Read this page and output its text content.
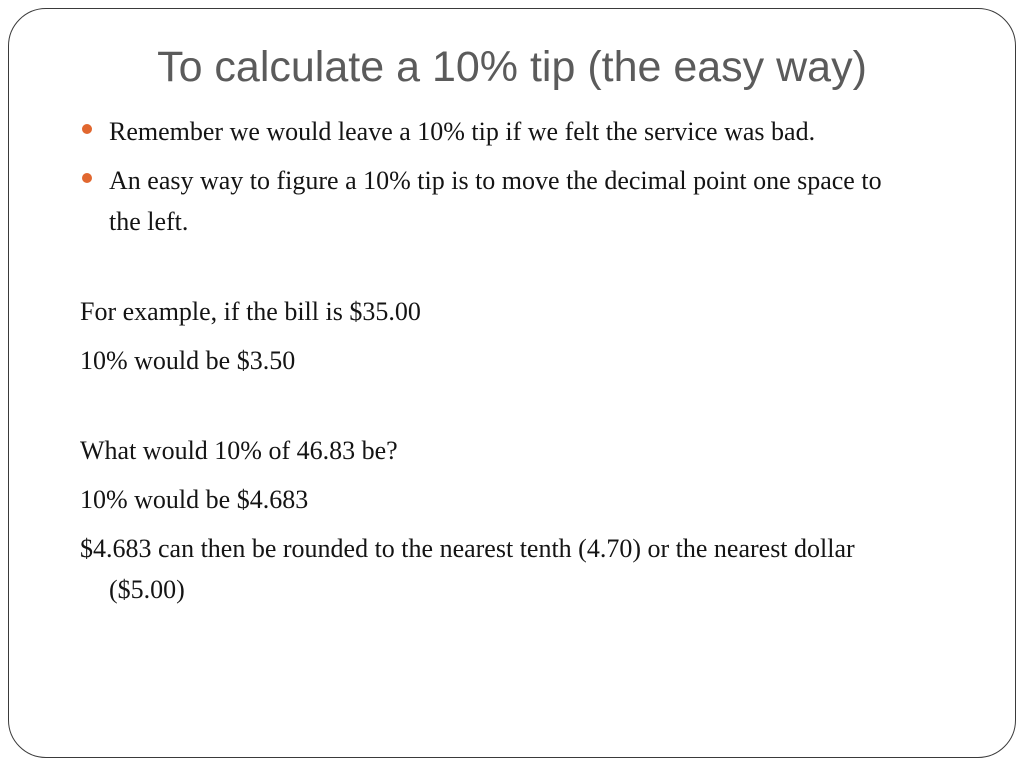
To calculate a 10% tip (the easy way)
Remember we would leave a 10% tip if we felt the service was bad.
An easy way to figure a 10% tip is to move the decimal point one space to the left.

For example, if the bill is $35.00

10% would be $3.50

What would 10% of 46.83 be?

10% would be $4.683

$4.683 can then be rounded to the nearest tenth (4.70) or the nearest dollar ($5.00)
